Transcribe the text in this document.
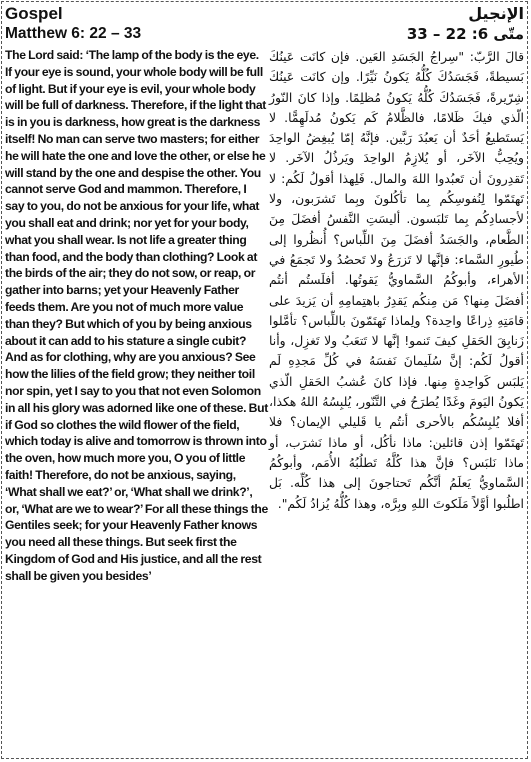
Gospel
Matthew 6: 22 – 33
The Lord said: ‘The lamp of the body is the eye. If your eye is sound, your whole body will be full of light. But if your eye is evil, your whole body will be full of darkness. Therefore, if the light that is in you is darkness, how great is the darkness itself! No man can serve two masters; for either he will hate the one and love the other, or else he will stand by the one and despise the other. You cannot serve God and mammon. Therefore, I say to you, do not be anxious for your life, what you shall eat and drink; nor yet for your body, what you shall wear. Is not life a greater thing than food, and the body than clothing? Look at the birds of the air; they do not sow, or reap, or gather into barns; yet your Heavenly Father feeds them. Are you not of much more value than they? But which of you by being anxious about it can add to his stature a single cubit? And as for clothing, why are you anxious? See how the lilies of the field grow; they neither toil nor spin, yet I say to you that not even Solomon in all his glory was adorned like one of these. But if God so clothes the wild flower of the field, which today is alive and tomorrow is thrown into the oven, how much more you, O you of little faith! Therefore, do not be anxious, saying, ‘What shall we eat?’ or, ‘What shall we drink?’, or, ‘What are we to wear?’ For all these things the Gentiles seek; for your Heavenly Father knows you need all these things. But seek first the Kingdom of God and His justice, and all the rest shall be given you besides’
الإنجيل
متّى 6: 22 – 33
قالَ الرَّبّ: "سِراجُ الجَسَدِ العَين. فإن كانَت عَينُكَ بَسيطةً، فَجَسَدُكَ كُلُّهُ يَكونُ نَيِّرًا. وإن كانَت عَينُكَ شِرّيرةً، فَجَسَدُكَ كُلُّهُ يَكونُ مُظلِمًا. وإذا كانَ النّورُ الّذي فيكَ ظَلامًا، فالظَّلامُ كَم يَكونُ مُدلَهِمًّا. لا يَستَطيعُ أحَدٌ أن يَعبُدَ رَبَّين. فإنَّهُ إمّا يُبغِضُ الواحِدَ ويُحِبُّ الآخَر، أو يُلازِمُ الواحِدَ ويَرذُلُ الآخَر. لا تَقدِرونَ أن تَعبُدوا اللهَ والمال. فَلِهذا أقولُ لَكُم: لا تَهتَمّوا لِنُفوسِكُم بِما تأكُلونَ وبِما تَشرَبون، ولا لأجسادِكُم بِما تَلبَسون. أليسَتِ النَّفسُ أفضَلَ مِنَ الطَّعام، والجَسَدُ أفضَلَ مِنَ اللِّباس؟ أُنظُروا إلى طُيورِ السَّماء: فإنَّها لا تَزرَعُ ولا تَحصُدُ ولا تَجمَعُ في الأهراء، وأبوكُمُ السَّماويُّ يَقوتُها. أفلَستُم أنتُم أفضَلَ مِنها؟ مَن مِنكُم يَقدِرُ باهتِمامِهِ أن يَزيدَ على قامَتِهِ ذِراعًا واحِدة؟ ولِماذا تَهتَمّونَ باللِّباس؟ تأمَّلوا زَنابِقَ الحَقلِ كيفَ تَنمو! إنَّها لا تَتعَبُ ولا تَغزِل، وأنا أقولُ لَكُم: إنَّ سُلَيمانَ نَفسَهُ في كُلِّ مَجدِهِ لَم يَلبَس كَواحِدةٍ مِنها. فإذا كانَ عُشبُ الحَقلِ الّذي يَكونُ اليَومَ وغَدًا يُطرَحُ في التَّنّور، يُلبِسُهُ اللهُ هكذا، أفلا يُلبِسُكُم بالأحرى أنتُم يا قَليلي الإيمان؟ فلا تَهتَمّوا إذن قائلين: ماذا نأكُل، أو ماذا نَشرَب، أو ماذا نَلبَس؟ فإنَّ هذا كُلَّهُ تَطلُبُهُ الأُمَم، وأبوكُمُ السَّماويُّ يَعلَمُ أنَّكُم تَحتاجونَ إلى هذا كُلِّه. بَل اطلُبوا أوَّلاً مَلَكوتَ اللهِ وبِرَّه، وهذا كُلُّهُ يُزادُ لَكُم".
